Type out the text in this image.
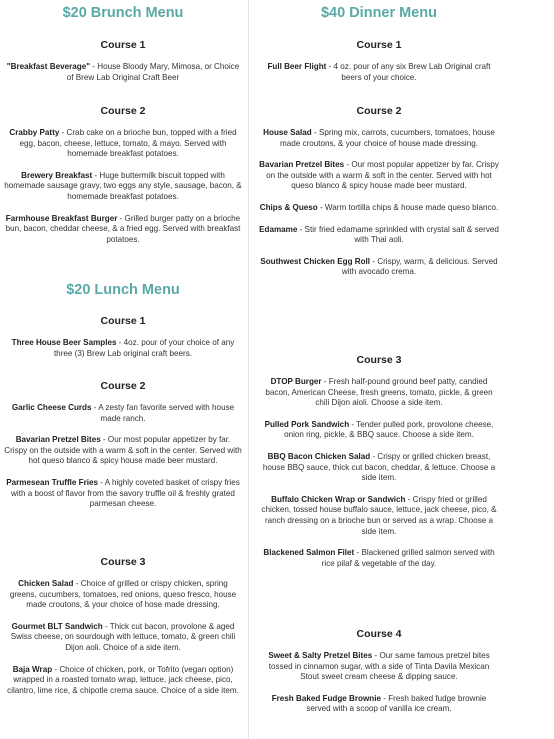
$20 Brunch Menu
Course 1
"Breakfast Beverage" - House Bloody Mary, Mimosa, or Choice of Brew Lab Original Craft Beer
Course 2
Crabby Patty - Crab cake on a brioche bun, topped with a fried egg, bacon, cheese, lettuce, tomato, & mayo. Served with homemade breakfast potatoes.
Brewery Breakfast - Huge buttermilk biscuit topped with homemade sausage gravy, two eggs any style, sausage, bacon, & homemade breakfast potatoes.
Farmhouse Breakfast Burger - Grilled burger patty on a brioche bun, bacon, cheddar cheese, & a fried egg. Served with breakfast potatoes.
$20 Lunch Menu
Course 1
Three House Beer Samples - 4oz. pour of your choice of any three (3) Brew Lab original craft beers.
Course 2
Garlic Cheese Curds - A zesty fan favorite served with house made ranch.
Bavarian Pretzel Bites - Our most popular appetizer by far. Crispy on the outside with a warm & soft in the center. Served with hot queso blanco & spicy house made beer mustard.
Parmesean Truffle Fries - A highly coveted basket of crispy fries with a boost of flavor from the savory truffle oil & freshly grated parmesan cheese.
Course 3
Chicken Salad - Choice of grilled or crispy chicken, spring greens, cucumbers, tomatoes, red onions, queso fresco, house made croutons, & your choice of hose made dressing.
Gourmet BLT Sandwich - Thick cut bacon, provolone & aged Swiss cheese, on sourdough with lettuce, tomato, & green chili Dijon aoli. Choice of a side item.
Baja Wrap - Choice of chicken, pork, or Tofrito (vegan option) wrapped in a roasted tomato wrap, lettuce, jack cheese, pico, cilantro, lime rice, & chipotle crema sauce. Choice of a side item.
$40 Dinner Menu
Course 1
Full Beer Flight - 4 oz. pour of any six Brew Lab Original craft beers of your choice.
Course 2
House Salad - Spring mix, carrots, cucumbers, tomatoes, house made croutons, & your choice of house made dressing.
Bavarian Pretzel Bites - Our most popular appetizer by far. Crispy on the outside with a warm & soft in the center. Served with hot queso blanco & spicy house made beer mustard.
Chips & Queso - Warm tortilla chips & house made queso blanco.
Edamame - Stir fried edamame sprinkled with crystal salt & served with Thai aoli.
Southwest Chicken Egg Roll - Crispy, warm, & delicious. Served with avocado crema.
Course 3
DTOP Burger - Fresh half-pound ground beef patty, candied bacon, American Cheese, fresh greens, tomato, pickle, & green chili Dijon aioli. Choose a side item.
Pulled Pork Sandwich - Tender pulled pork, provolone cheese, onion ring, pickle, & BBQ sauce. Choose a side item.
BBQ Bacon Chicken Salad - Crispy or grilled chicken breast, house BBQ sauce, thick cut bacon, cheddar, & lettuce. Choose a side item.
Buffalo Chicken Wrap or Sandwich - Crispy fried or grilled chicken, tossed house buffalo sauce, lettuce, jack cheese, pico, & ranch dressing on a brioche bun or served as a wrap. Choose a side item.
Blackened Salmon Filet - Blackened grilled salmon served with rice pilaf & vegetable of the day.
Course 4
Sweet & Salty Pretzel Bites - Our same famous pretzel bites tossed in cinnamon sugar, with a side of Tinta Davila Mexican Stout sweet cream cheese & dipping sauce.
Fresh Baked Fudge Brownie - Fresh baked fudge brownie served with a scoop of vanilla ice cream.
